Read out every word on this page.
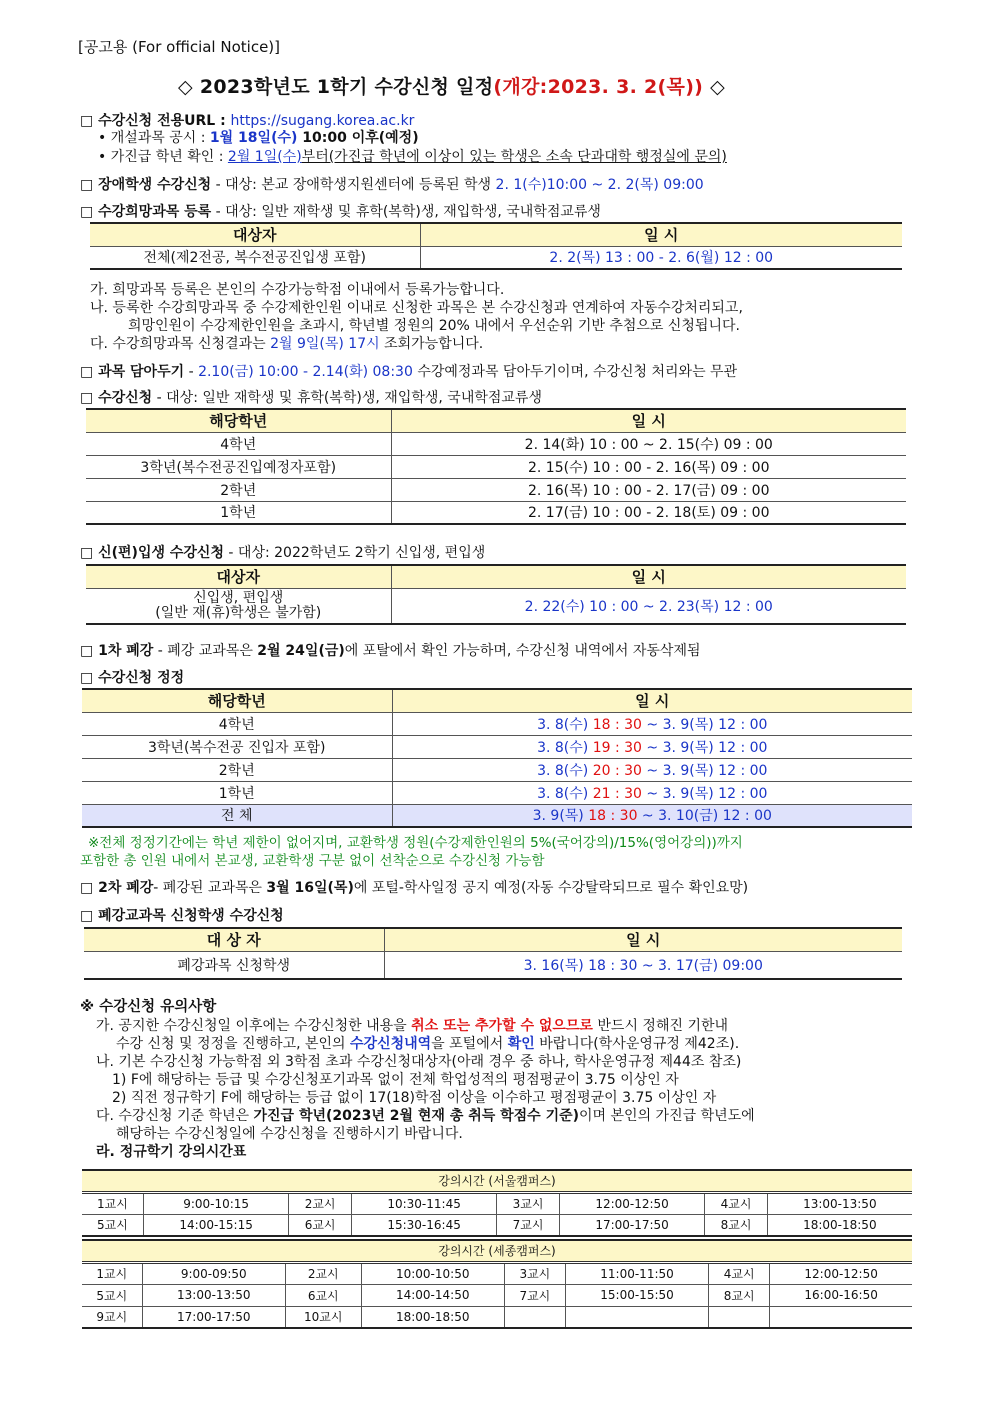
[공고용 (For official Notice)]
◇ 2023학년도 1학기 수강신청 일정(개강:2023. 3. 2(목)) ◇
□ 수강신청 전용URL : https://sugang.korea.ac.kr
• 개설과목 공시 : 1월 18일(수) 10:00 이후(예정)
• 가진급 학년 확인 : 2월 1일(수)부터(가진급 학년에 이상이 있는 학생은 소속 단과대학 행정실에 문의)
□ 장애학생 수강신청 - 대상: 본교 장애학생지원센터에 등록된 학생 2. 1(수)10:00 ~ 2. 2(목) 09:00
□ 수강희망과목 등록 - 대상: 일반 재학생 및 휴학(복학)생, 재입학생, 국내학점교류생
대상자	일 시
전체(제2전공, 복수전공진입생 포함)	2. 2(목) 13 : 00 - 2. 6(월) 12 : 00
가. 희망과목 등록은 본인의 수강가능학점 이내에서 등록가능합니다.
나. 등록한 수강희망과목 중 수강제한인원 이내로 신청한 과목은 본 수강신청과 연계하여 자동수강처리되고,
희망인원이 수강제한인원을 초과시, 학년별 정원의 20% 내에서 우선순위 기반 추첨으로 신청됩니다.
다. 수강희망과목 신청결과는 2월 9일(목) 17시 조회가능합니다.
□ 과목 담아두기 - 2.10(금) 10:00 - 2.14(화) 08:30 수강예정과목 담아두기이며, 수강신청 처리와는 무관
□ 수강신청 - 대상: 일반 재학생 및 휴학(복학)생, 재입학생, 국내학점교류생
해당학년	일 시
4학년	2. 14(화) 10 : 00 ~ 2. 15(수) 09 : 00
3학년(복수전공진입예정자포함)	2. 15(수) 10 : 00 - 2. 16(목) 09 : 00
2학년	2. 16(목) 10 : 00 - 2. 17(금) 09 : 00
1학년	2. 17(금) 10 : 00 - 2. 18(토) 09 : 00
□ 신(편)입생 수강신청 - 대상: 2022학년도 2학기 신입생, 편입생
대상자	일 시

신입생, 편입생
(일반 재(휴)학생은 불가함)	2. 22(수) 10 : 00 ~ 2. 23(목) 12 : 00
□ 1차 폐강 - 폐강 교과목은 2월 24일(금)에 포탈에서 확인 가능하며, 수강신청 내역에서 자동삭제됨
□ 수강신청 정정
해당학년	일 시
4학년	3. 8(수) 18 : 30 ~ 3. 9(목) 12 : 00
3학년(복수전공 진입자 포함)	3. 8(수) 19 : 30 ~ 3. 9(목) 12 : 00
2학년	3. 8(수) 20 : 30 ~ 3. 9(목) 12 : 00
1학년	3. 8(수) 21 : 30 ~ 3. 9(목) 12 : 00
전 체	3. 9(목) 18 : 30 ~ 3. 10(금) 12 : 00
※전체 정정기간에는 학년 제한이 없어지며, 교환학생 정원(수강제한인원의 5%(국어강의)/15%(영어강의))까지
포함한 총 인원 내에서 본교생, 교환학생 구분 없이 선착순으로 수강신청 가능함
□ 2차 폐강- 폐강된 교과목은 3월 16일(목)에 포털-학사일정 공지 예정(자동 수강탈락되므로 필수 확인요망)
□ 폐강교과목 신청학생 수강신청
대 상 자	일 시
폐강과목 신청학생	3. 16(목) 18 : 30 ~ 3. 17(금) 09:00
※ 수강신청 유의사항
가. 공지한 수강신청일 이후에는 수강신청한 내용을 취소 또는 추가할 수 없으므로 반드시 정해진 기한내
수강 신청 및 정정을 진행하고, 본인의 수강신청내역을 포털에서 확인 바랍니다(학사운영규정 제42조).
나. 기본 수강신청 가능학점 외 3학점 초과 수강신청대상자(아래 경우 중 하나, 학사운영규정 제44조 참조)
1) F에 해당하는 등급 및 수강신청포기과목 없이 전체 학업성적의 평점평균이 3.75 이상인 자
2) 직전 정규학기 F에 해당하는 등급 없이 17(18)학점 이상을 이수하고 평점평균이 3.75 이상인 자
다. 수강신청 기준 학년은 가진급 학년(2023년 2월 현재 총 취득 학점수 기준)이며 본인의 가진급 학년도에
해당하는 수강신청일에 수강신청을 진행하시기 바랍니다.
라. 정규학기 강의시간표
강의시간 (서울캠퍼스)							
1교시	9:00-10:15	2교시	10:30-11:45	3교시	12:00-12:50	4교시	13:00-13:50
5교시	14:00-15:15	6교시	15:30-16:45	7교시	17:00-17:50	8교시	18:00-18:50
강의시간 (세종캠퍼스)							
1교시	9:00-09:50	2교시	10:00-10:50	3교시	11:00-11:50	4교시	12:00-12:50
5교시	13:00-13:50	6교시	14:00-14:50	7교시	15:00-15:50	8교시	16:00-16:50
9교시	17:00-17:50	10교시	18:00-18:50				
